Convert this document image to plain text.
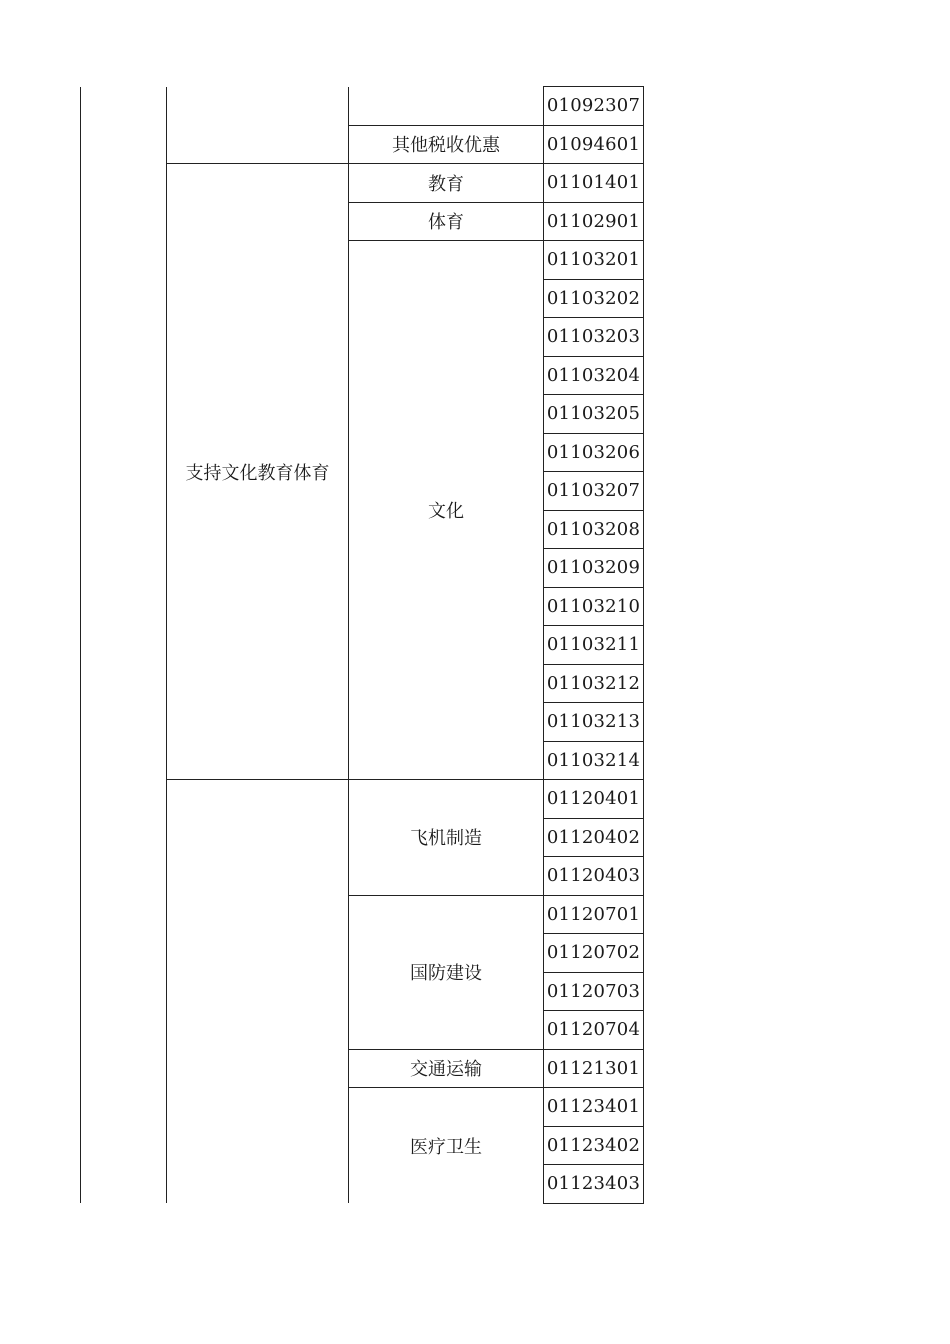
			01092307
		其他税收优惠	01094601
	支持文化教育体育	教育	01101401
		体育	01102901
		文化	01103201
			01103202
			01103203
			01103204
			01103205
			01103206
			01103207
			01103208
			01103209
			01103210
			01103211
			01103212
			01103213
			01103214
		飞机制造	01120401
			01120402
			01120403
		国防建设	01120701
			01120702
			01120703
			01120704
		交通运输	01121301
		医疗卫生	01123401
			01123402
			01123403
